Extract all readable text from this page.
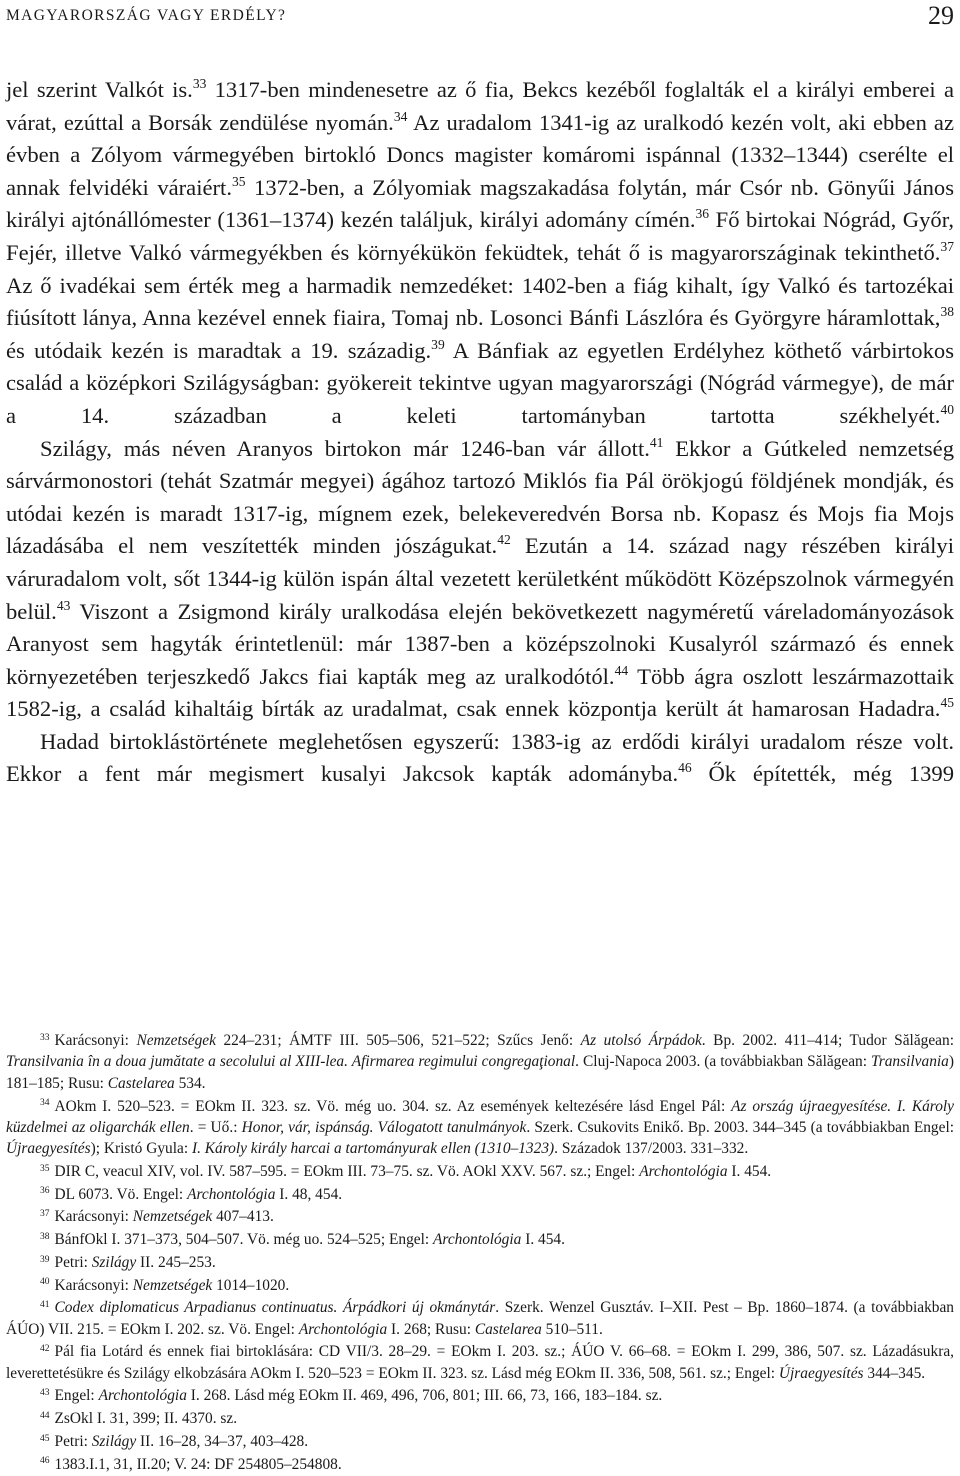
MAGYARORSZÁG VAGY ERDÉLY?	29

jel szerint Valkót is.$^{33}$ 1317-ben mindenesetre az ő fia, Bekcs kezéből foglalták el a királyi emberei a várat, ezúttal a Borsák zendülése nyomán.$^{34}$ Az uradalom 1341-ig az uralkodó kezén volt, aki ebben az évben a Zólyom vármegyében birtokló Doncs magister komáromi ispánnal (1332–1344) cserélte el annak felvidéki váraiért.$^{35}$ 1372-ben, a Zólyomiak magszakadása folytán, már Csór nb. Gönyűi János királyi ajtónállómester (1361–1374) kezén találjuk, királyi adomány címén.$^{36}$ Fő birtokai Nógrád, Győr, Fejér, illetve Valkó vármegyékben és környékükön feküdtek, tehát ő is magyarországinak tekinthető.$^{37}$ Az ő ivadékai sem érték meg a harmadik nemzedéket: 1402-ben a fiág kihalt, így Valkó és tartozékai fiúsított lánya, Anna kezével ennek fiaira, Tomaj nb. Losonci Bánfi Lászlóra és Györgyre háramlottak,$^{38}$ és utódaik kezén is maradtak a 19. századig.$^{39}$ A Bánfiak az egyetlen Erdélyhez köthető várbirtokos család a középkori Szilágyságban: gyökereit tekintve ugyan magyarországi (Nógrád vármegye), de már a 14. században a keleti tartományban tartotta székhelyét.$^{40}$

Szilágy, más néven Aranyos birtokon már 1246-ban vár állott.$^{41}$ Ekkor a Gútkeled nemzetség sárvármonostori (tehát Szatmár megyei) ágához tartozó Miklós fia Pál örökjogú földjének mondják, és utódai kezén is maradt 1317-ig, mígnem ezek, belekeveredvén Borsa nb. Kopasz és Mojs fia Mojs lázadásába el nem veszítették minden jószágukat.$^{42}$ Ezután a 14. század nagy részében királyi váruradalom volt, sőt 1344-ig külön ispán által vezetett kerületként működött Középszolnok vármegyén belül.$^{43}$ Viszont a Zsigmond király uralkodása elején bekövetkezett nagyméretű váreladományozások Aranyost sem hagyták érintetlenül: már 1387-ben a középszolnoki Kusalyról származó és ennek környezetében terjeszkedő Jakcs fiai kapták meg az uralkodótól.$^{44}$ Több ágra oszlott leszármazottaik 1582-ig, a család kihaltáig bírták az uradalmat, csak ennek központja került át hamarosan Hadadra.$^{45}$

Hadad birtoklástörténete meglehetősen egyszerű: 1383-ig az erdődi királyi uradalom része volt. Ekkor a fent már megismert kusalyi Jakcsok kapták adományba.$^{46}$ Ők építették, még 1399

$^{33}$ Karácsonyi: Nemzetségek 224–231; ÁMTF III. 505–506, 521–522; Szűcs Jenő: Az utolsó Árpádok. Bp. 2002. 411–414; Tudor Sălăgean: Transilvania în a doua jumătate a secolului al XIII-lea. Afirmarea regimului congregaţional. Cluj-Napoca 2003. (a továbbiakban Sălăgean: Transilvania) 181–185; Rusu: Castelarea 534.

$^{34}$ AOkm I. 520–523. = EOkm II. 323. sz. Vö. még uo. 304. sz. Az események keltezésére lásd Engel Pál: Az ország újraegyesítése. I. Károly küzdelmei az oligarchák ellen. = Uő.: Honor, vár, ispánság. Válogatott tanulmányok. Szerk. Csukovits Enikő. Bp. 2003. 344–345 (a továbbiakban Engel: Újraegyesítés); Kristó Gyula: I. Károly király harcai a tartományurak ellen (1310–1323). Századok 137/2003. 331–332.

$^{35}$ DIR C, veacul XIV, vol. IV. 587–595. = EOkm III. 73–75. sz. Vö. AOkl XXV. 567. sz.; Engel: Archontológia I. 454.

$^{36}$ DL 6073. Vö. Engel: Archontológia I. 48, 454.

$^{37}$ Karácsonyi: Nemzetségek 407–413.

$^{38}$ BánfOkl I. 371–373, 504–507. Vö. még uo. 524–525; Engel: Archontológia I. 454.

$^{39}$ Petri: Szilágy II. 245–253.

$^{40}$ Karácsonyi: Nemzetségek 1014–1020.

$^{41}$ Codex diplomaticus Arpadianus continuatus. Árpádkori új okmánytár. Szerk. Wenzel Gusztáv. I–XII. Pest – Bp. 1860–1874. (a továbbiakban ÁÚO) VII. 215. = EOkm I. 202. sz. Vö. Engel: Archontológia I. 268; Rusu: Castelarea 510–511.

$^{42}$ Pál fia Lotárd és ennek fiai birtoklására: CD VII/3. 28–29. = EOkm I. 203. sz.; ÁÚO V. 66–68. = EOkm I. 299, 386, 507. sz. Lázadásukra, leverettetésükre és Szilágy elkobzására AOkm I. 520–523 = EOkm II. 323. sz. Lásd még EOkm II. 336, 508, 561. sz.; Engel: Újraegyesítés 344–345.

$^{43}$ Engel: Archontológia I. 268. Lásd még EOkm II. 469, 496, 706, 801; III. 66, 73, 166, 183–184. sz.

$^{44}$ ZsOkl I. 31, 399; II. 4370. sz.

$^{45}$ Petri: Szilágy II. 16–28, 34–37, 403–428.

$^{46}$ 1383.I.1, 31, II.20; V. 24: DF 254805–254808.
